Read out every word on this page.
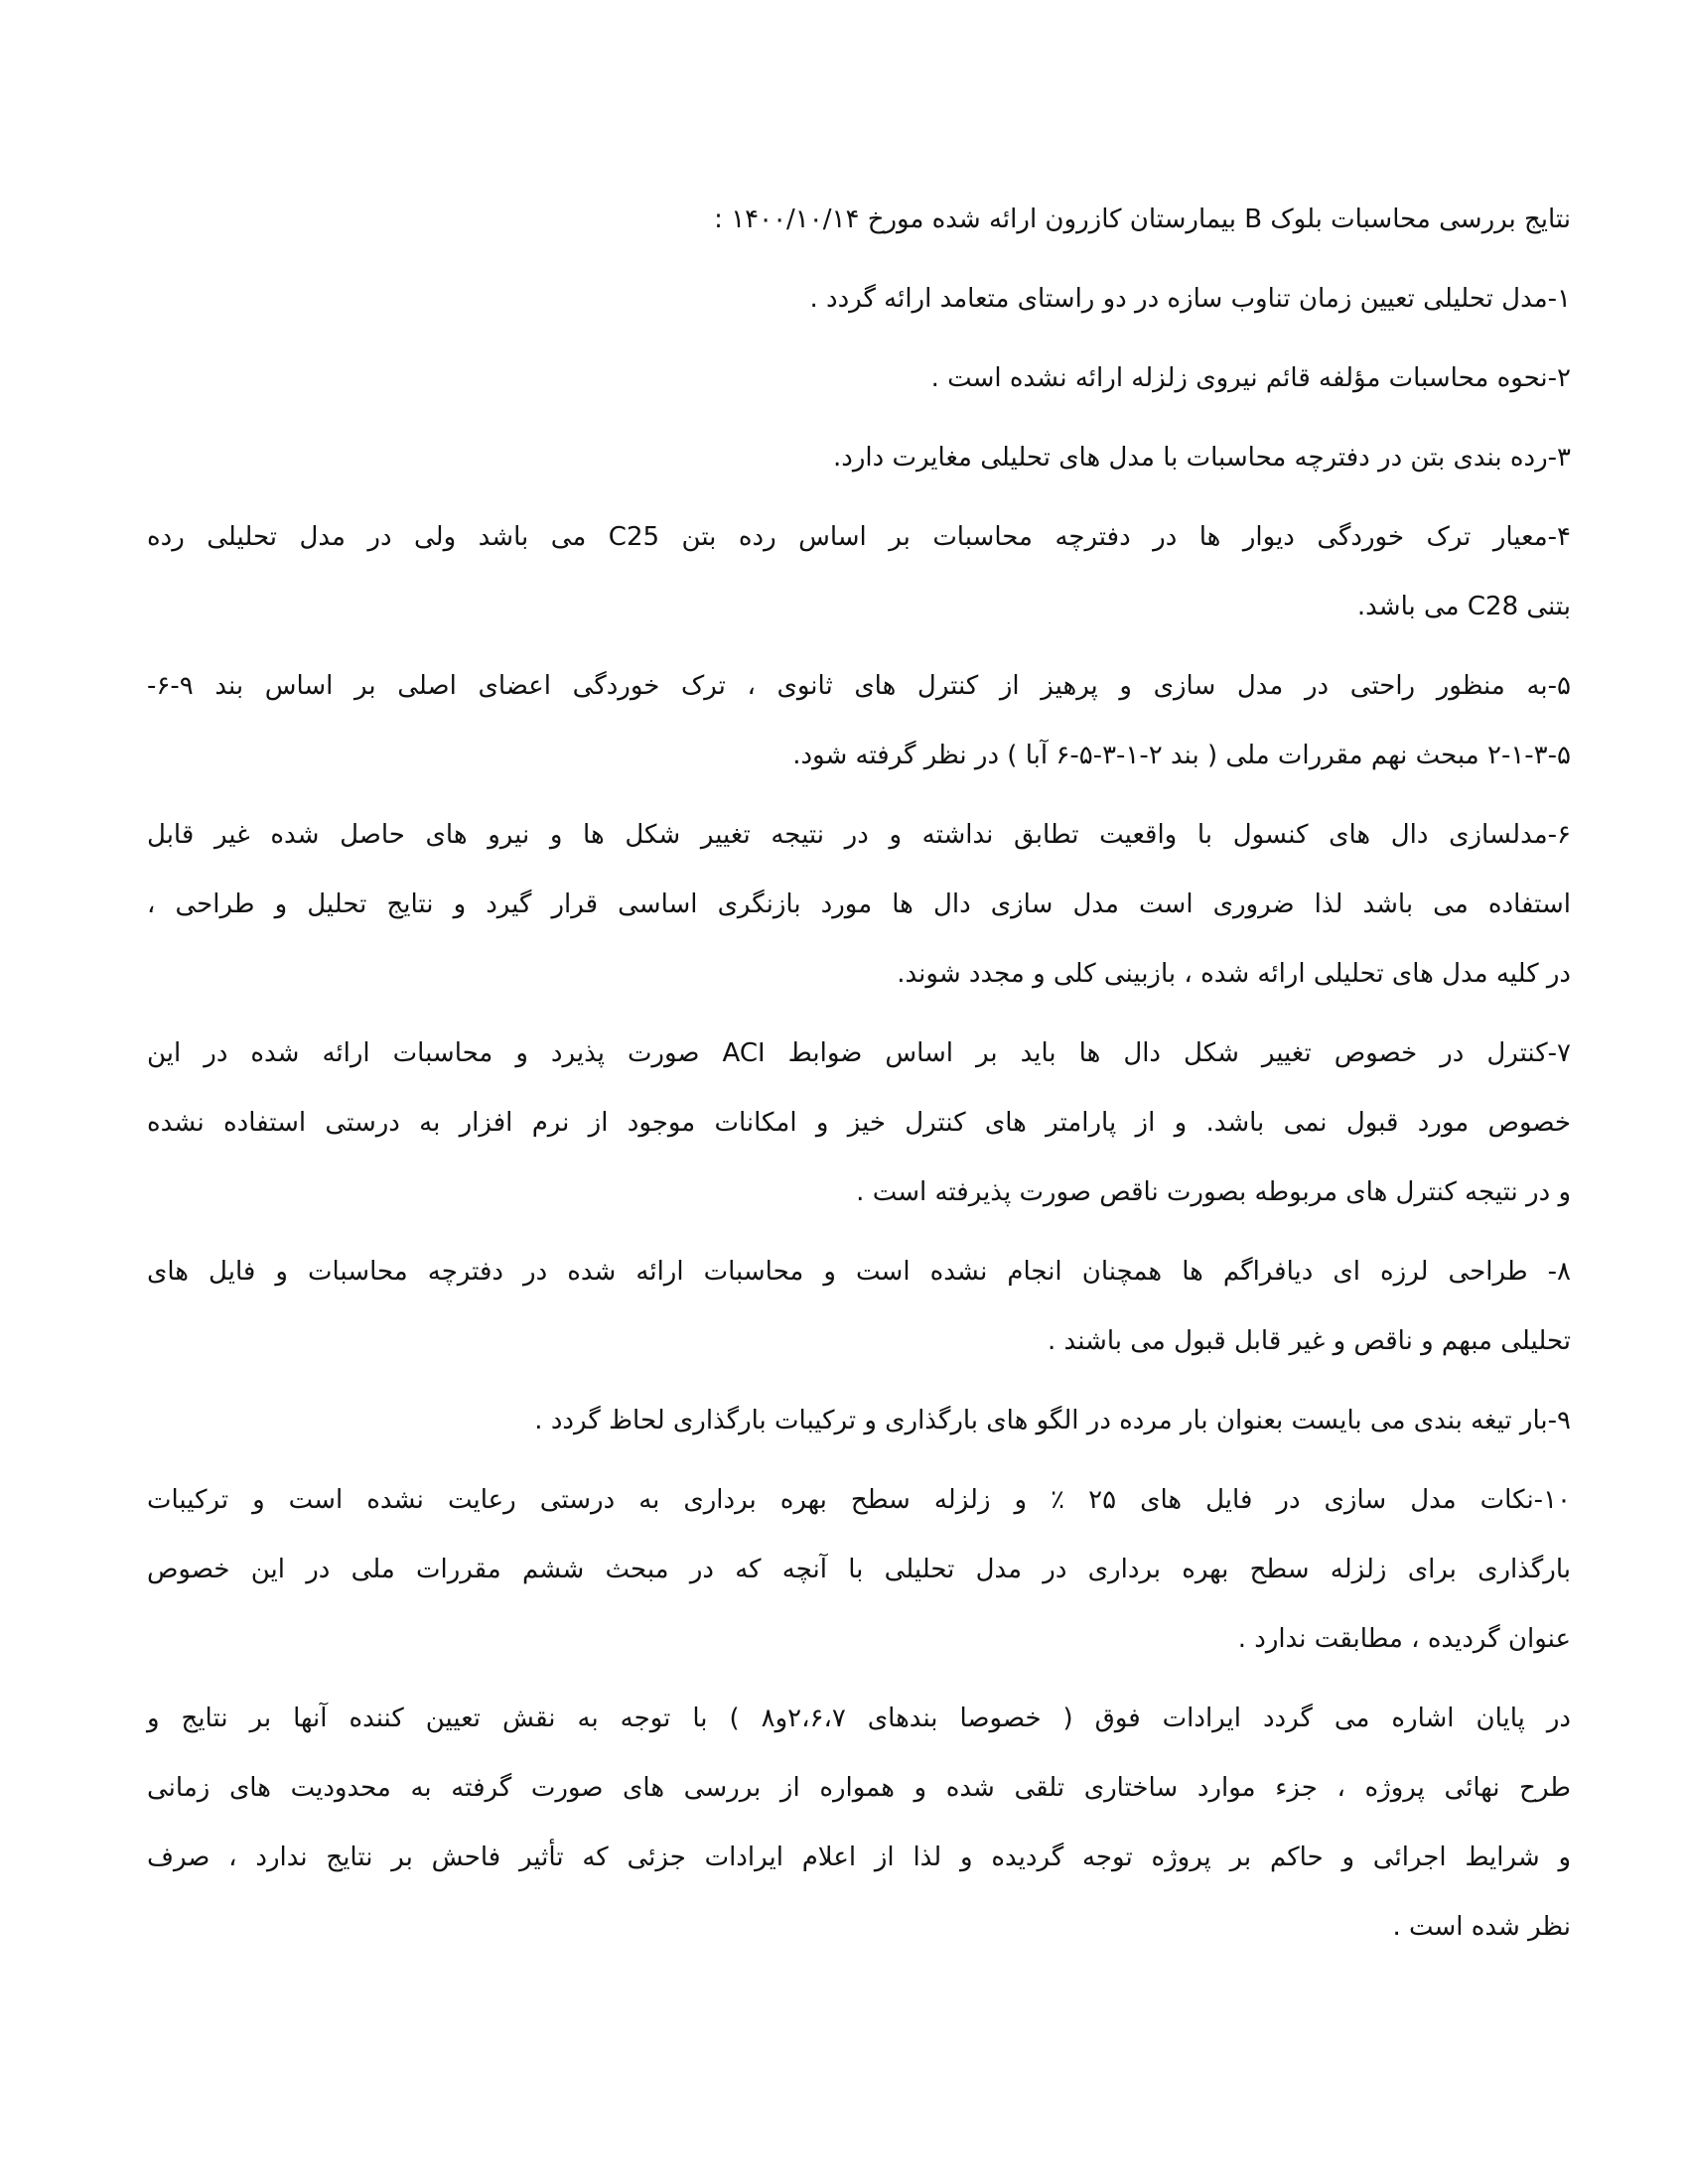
نتایج بررسی محاسبات بلوک B بیمارستان کازرون ارائه شده مورخ ۱۴۰۰/۱۰/۱۴ :

۱-مدل تحلیلی تعیین زمان تناوب سازه در دو راستای متعامد ارائه گردد .

۲-نحوه محاسبات مؤلفه قائم نیروی زلزله ارائه نشده است .

۳-رده بندی بتن در دفترچه محاسبات با مدل های تحلیلی مغایرت دارد.

۴-معیار ترک خوردگی دیوار ها در دفترچه محاسبات بر اساس رده بتن C25 می باشد ولی در مدل تحلیلی رده
بتنی C28 می باشد.

۵-به منظور راحتی در مدل سازی و پرهیز از کنترل های ثانوی ، ترک خوردگی اعضای اصلی بر اساس بند ۹-۶-
۲-۱-۳-۵ مبحث نهم مقررات ملی ( بند ۲-۱-۳-۵-۶ آبا ) در نظر گرفته شود.

۶-مدلسازی دال های کنسول با واقعیت تطابق نداشته و در نتیجه تغییر شکل ها و نیرو های حاصل شده غیر قابل
استفاده می باشد لذا ضروری است مدل سازی دال ها مورد بازنگری اساسی قرار گیرد و نتایج تحلیل و طراحی ،
در کلیه مدل های تحلیلی ارائه شده ، بازبینی کلی و مجدد شوند.

۷-کنترل در خصوص تغییر شکل دال ها باید بر اساس ضوابط ACI صورت پذیرد و محاسبات ارائه شده در این
خصوص مورد قبول نمی باشد. و از پارامتر های کنترل خیز و امکانات موجود از نرم افزار به درستی استفاده نشده
و در نتیجه کنترل های مربوطه بصورت ناقص صورت پذیرفته است .

۸- طراحی لرزه ای دیافراگم ها همچنان انجام نشده است و محاسبات ارائه شده در دفترچه محاسبات و فایل های
تحلیلی مبهم و ناقص و غیر قابل قبول می باشند .

۹-بار تیغه بندی می بایست بعنوان بار مرده در الگو های بارگذاری و ترکیبات بارگذاری لحاظ گردد .

۱۰-نکات مدل سازی در فایل های ۲۵ ٪ و زلزله سطح بهره برداری به درستی رعایت نشده است و ترکیبات
بارگذاری برای زلزله سطح بهره برداری در مدل تحلیلی با آنچه که در مبحث ششم مقررات ملی در این خصوص
عنوان گردیده ، مطابقت ندارد .

در پایان اشاره می گردد ایرادات فوق ( خصوصا بندهای ۲،۶،۷و۸ ) با توجه به نقش تعیین کننده آنها بر نتایج و
طرح نهائی پروژه ، جزء موارد ساختاری تلقی شده و همواره از بررسی های صورت گرفته به محدودیت های زمانی
و شرایط اجرائی و حاکم بر پروژه توجه گردیده و لذا از اعلام ایرادات جزئی که تأثیر فاحش بر نتایج ندارد ، صرف
نظر شده است .
